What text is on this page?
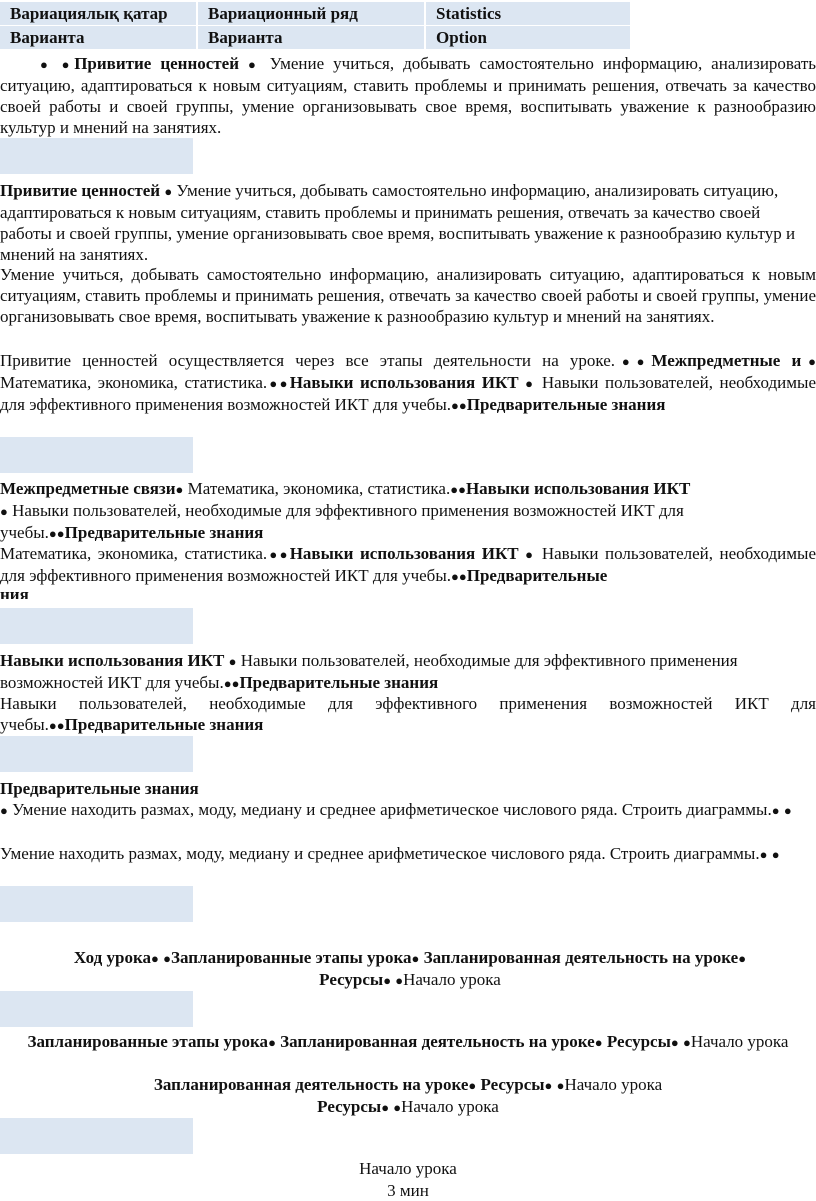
Вариациялық қатар	Вариационный ряд	Statistics
Варианта	Варианта	Option
● ●Привитие ценностей ● Умение учиться, добывать самостоятельно информацию, анализировать ситуацию, адаптироваться к новым ситуациям, ставить проблемы и принимать решения, отвечать за качество своей работы и своей группы, умение организовывать свое время, воспитывать уважение к разнообразию культур и мнений на занятиях.
Привитие ценностей ● Умение учиться, добывать самостоятельно информацию, анализировать ситуацию, адаптироваться к новым ситуациям, ставить проблемы и принимать решения, отвечать за качество своей работы и своей группы, умение организовывать свое время, воспитывать уважение к разнообразию культур и мнений на занятиях.
Умение учиться, добывать самостоятельно информацию, анализировать ситуацию, адаптироваться к новым ситуациям, ставить проблемы и принимать решения, отвечать за качество своей работы и своей группы, умение организовывать свое время, воспитывать уважение к разнообразию культур и мнений на занятиях.
Привитие ценностей осуществляется через все этапы деятельности на уроке.●●Межпредметные и● Математика, экономика, статистика.●●Навыки использования ИКТ ● Навыки пользователей, необходимые для эффективного применения возможностей ИКТ для учебы.●●Предварительные знания
Межпредметные связи● Математика, экономика, статистика.●●Навыки использования ИКТ
● Навыки пользователей, необходимые для эффективного применения возможностей ИКТ для учебы.●●Предварительные знания
Математика, экономика, статистика.●●Навыки использования ИКТ ● Навыки пользователей, необходимые для эффективного применения возможностей ИКТ для учебы.●●Предварительные
ния
Навыки использования ИКТ ● Навыки пользователей, необходимые для эффективного применения возможностей ИКТ для учебы.●●Предварительные знания
Навыки пользователей, необходимые для эффективного применения возможностей ИКТ для учебы.●●Предварительные знания
Предварительные знания
● Умение находить размах, моду, медиану и среднее арифметическое числового ряда. Строить диаграммы.● ●
Умение находить размах, моду, медиану и среднее арифметическое числового ряда. Строить диаграммы.● ●
Ход урока● ●Запланированные этапы урока● Запланированная деятельность на уроке● Ресурсы● ●Начало урока
Запланированные этапы урока● Запланированная деятельность на уроке● Ресурсы● ●Начало урока
Запланированная деятельность на уроке● Ресурсы● ●Начало урока
Ресурсы● ●Начало урока
Начало урока
3 мин
